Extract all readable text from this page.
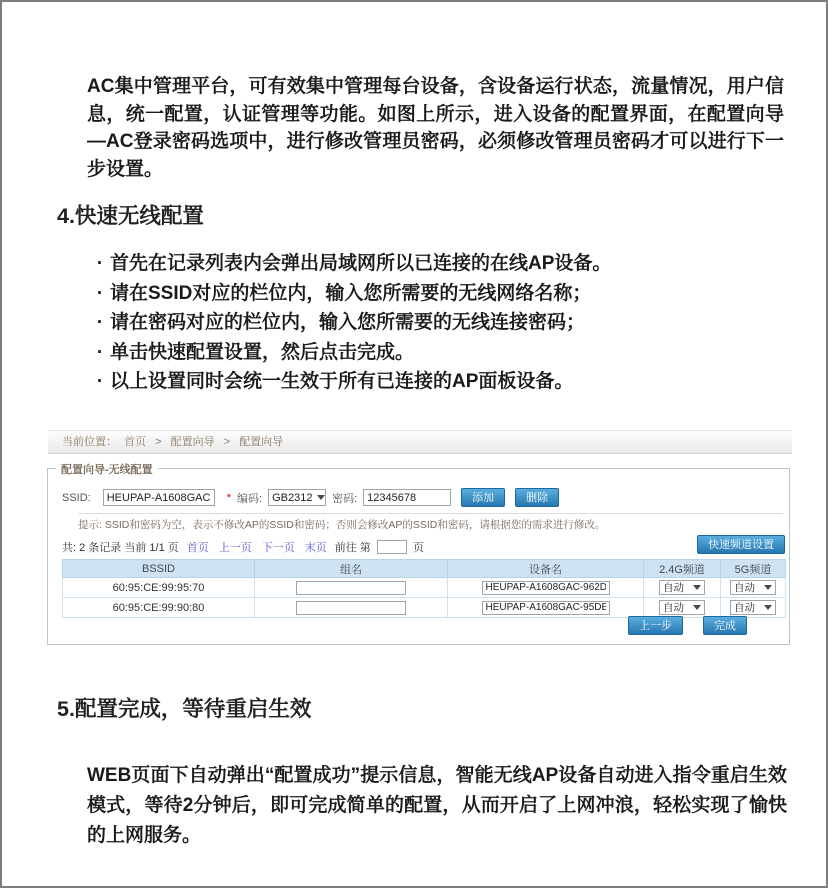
AC集中管理平台，可有效集中管理每台设备，含设备运行状态，流量情况，用户信息，统一配置，认证管理等功能。如图上所示，进入设备的配置界面，在配置向导—AC登录密码选项中，进行修改管理员密码，必须修改管理员密码才可以进行下一步设置。

4.快速无线配置
· 首先在记录列表内会弹出局域网所以已连接的在线AP设备。
· 请在SSID对应的栏位内，输入您所需要的无线网络名称；
· 请在密码对应的栏位内，输入您所需要的无线连接密码；
· 单击快速配置设置，然后点击完成。
· 以上设置同时会统一生效于所有已连接的AP面板设备。
当前位置： 首页 > 配置向导 > 配置向导
配置向导-无线配置
SSID:
HEUPAP-A1608GAC	* 编码: GB2312 密码:
12345678	添加	删除
提示: SSID和密码为空，表示不修改AP的SSID和密码；否则会修改AP的SSID和密码，请根据您的需求进行修改。
共: 2 条记录 当前 1/1 页 首页 上一页 下一页 末页 前往 第	页	快速频道设置
BSSID	组名	设备名	2.4G频道	5G频道
60:95:CE:99:95:70		HEUPAP-A1608GAC-962D	自动	自动

60:95:CE:99:90:80		HEUPAP-A1608GAC-95DE	自动	自动
上一步	完成
5.配置完成，等待重启生效

WEB页面下自动弹出“配置成功”提示信息，智能无线AP设备自动进入指令重启生效模式，等待2分钟后，即可完成简单的配置，从而开启了上网冲浪，轻松实现了愉快的上网服务。
